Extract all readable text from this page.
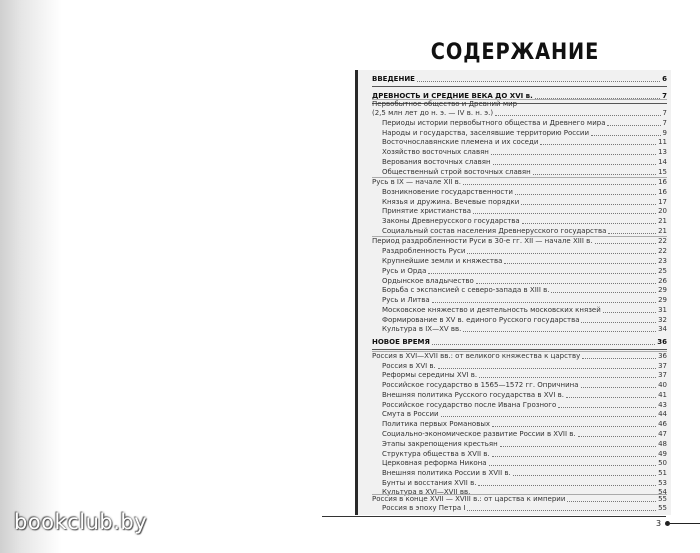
СОДЕРЖАНИЕ
ВВЕДЕНИЕ	6
ДРЕВНОСТЬ И СРЕДНИЕ ВЕКА ДО XVI в.	7
Первобытное общество и Древний мир
(2,5 млн лет до н. э. — IV в. н. э.)	7
Периоды истории первобытного общества и Древнего мира	7
Народы и государства, заселявшие территорию России	9
Восточнославянские племена и их соседи	11
Хозяйство восточных славян	13
Верования восточных славян	14
Общественный строй восточных славян	15
Русь в IX — начале XII в.	16
Возникновение государственности	16
Князья и дружина. Вечевые порядки	17
Принятие христианства	20
Законы Древнерусского государства	21
Социальный состав населения Древнерусского государства	21
Период раздробленности Руси в 30-е гг. XII — начале XIII в.	22
Раздробленность Руси	22
Крупнейшие земли и княжества	23
Русь и Орда	25
Ордынское владычество	26
Борьба с экспансией с северо-запада в XIII в.	29
Русь и Литва	29
Московское княжество и деятельность московских князей	31
Формирование в XV в. единого Русского государства	32
Культура в IX—XV вв.	34
НОВОЕ ВРЕМЯ	36
Россия в XVI—XVII вв.: от великого княжества к царству	36
Россия в XVI в.	37
Реформы середины XVI в.	37
Российское государство в 1565—1572 гг. Опричнина	40
Внешняя политика Русского государства в XVI в.	41
Российское государство после Ивана Грозного	43
Смута в России	44
Политика первых Романовых	46
Социально-экономическое развитие России в XVII в.	47
Этапы закрепощения крестьян	48
Структура общества в XVII в.	49
Церковная реформа Никона	50
Внешняя политика России в XVII в.	51
Бунты и восстания XVII в.	53
Культура в XVI—XVII вв.	54
Россия в конце XVII — XVIII в.: от царства к империи	55
Россия в эпоху Петра I	55
3
bookclub.by
